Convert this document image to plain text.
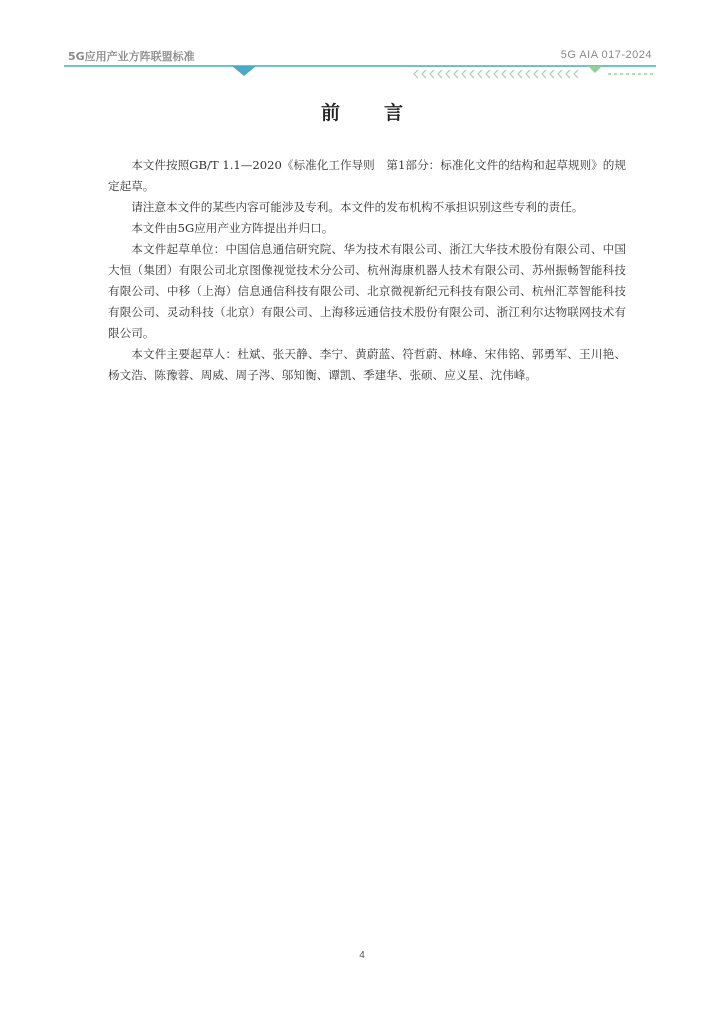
5G应用产业方阵联盟标准	5G AIA 017-2024
前言

本文件按照GB/T 1.1—2020《标准化工作导则　第1部分：标准化文件的结构和起草规则》的规定起草。

请注意本文件的某些内容可能涉及专利。本文件的发布机构不承担识别这些专利的责任。

本文件由5G应用产业方阵提出并归口。

本文件起草单位：中国信息通信研究院、华为技术有限公司、浙江大华技术股份有限公司、中国大恒（集团）有限公司北京图像视觉技术分公司、杭州海康机器人技术有限公司、苏州振畅智能科技有限公司、中移（上海）信息通信科技有限公司、北京微视新纪元科技有限公司、杭州汇萃智能科技有限公司、灵动科技（北京）有限公司、上海移远通信技术股份有限公司、浙江利尔达物联网技术有限公司。

本文件主要起草人：杜斌、张天静、李宁、黄蔚蓝、符哲蔚、林峰、宋伟铭、郭勇军、王川艳、杨文浩、陈豫蓉、周威、周子涔、邬知衡、谭凯、季建华、张硕、应义星、沈伟峰。

4
